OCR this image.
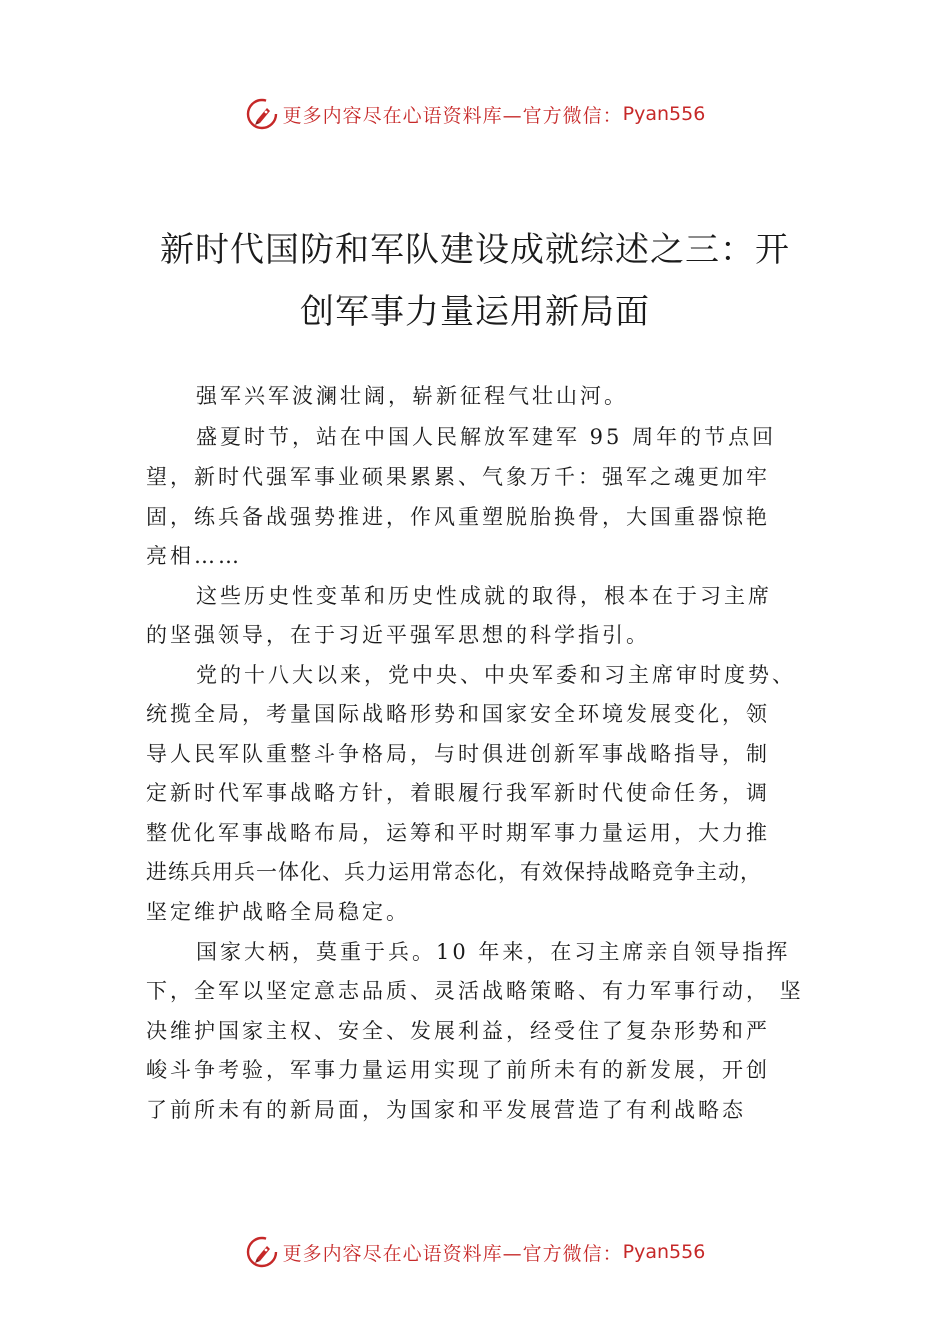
更多内容尽在心语资料库—官方微信： Pyan556
新时代国防和军队建设成就综述之三：开
创军事力量运用新局面
强军兴军波澜壮阔，崭新征程气壮山河。
盛夏时节，站在中国人民解放军建军 95 周年的节点回
望，新时代强军事业硕果累累、气象万千：强军之魂更加牢
固，练兵备战强势推进，作风重塑脱胎换骨，大国重器惊艳
亮相……
这些历史性变革和历史性成就的取得，根本在于习主席
的坚强领导，在于习近平强军思想的科学指引。
党的十八大以来，党中央、中央军委和习主席审时度势、
统揽全局，考量国际战略形势和国家安全环境发展变化，领
导人民军队重整斗争格局，与时俱进创新军事战略指导，制
定新时代军事战略方针，着眼履行我军新时代使命任务，调
整优化军事战略布局，运筹和平时期军事力量运用，大力推
进练兵用兵一体化、兵力运用常态化，有效保持战略竞争主动，
坚定维护战略全局稳定。
国家大柄，莫重于兵。10 年来，在习主席亲自领导指挥
下，全军以坚定意志品质、灵活战略策略、有力军事行动， 坚
决维护国家主权、安全、发展利益，经受住了复杂形势和严
峻斗争考验，军事力量运用实现了前所未有的新发展，开创
了前所未有的新局面，为国家和平发展营造了有利战略态
更多内容尽在心语资料库—官方微信： Pyan556
